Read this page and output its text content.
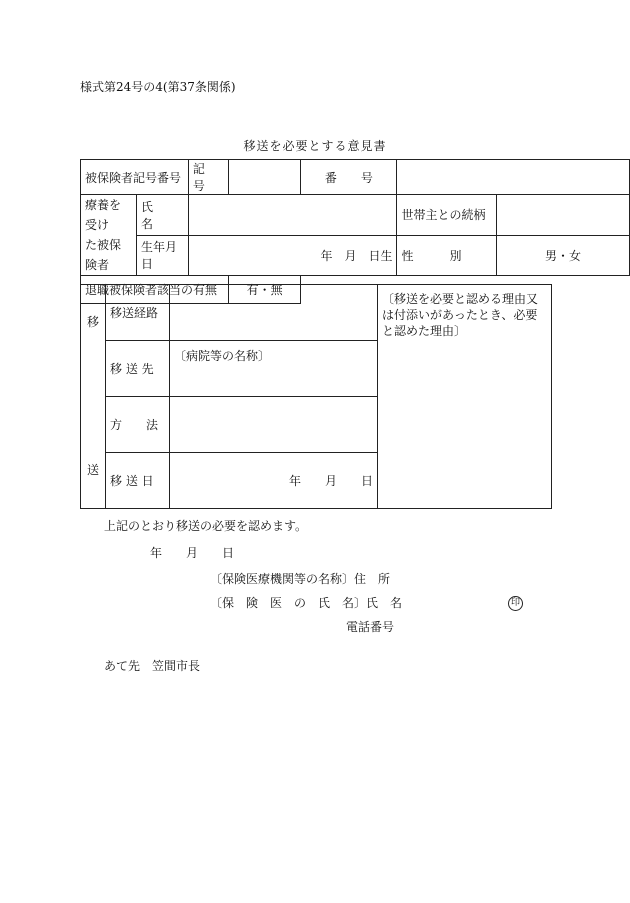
様式第24号の4(第37条関係)
移送を必要とする意見書
被保険者記号番号		記　号		番　　号		

療養を受け
た被保険者	氏　　名				世帯主との続柄	
	生年月日	年　月　日生			性　　　別	男・女
退職被保険者該当の有無			有・無			
移
送	移送経路		〔移送を必要と認める理由又は付添いがあったとき、必要と認めた理由〕
	移 送 先	〔病院等の名称〕	
	方　　法		
	移 送 日	年　　月　　日	
上記のとおり移送の必要を認めます。
年　　月　　日
〔保険医療機関等の名称〕住　所
〔保　険　医　の　氏　名〕氏　名	印
電話番号
あて先　笠間市長
